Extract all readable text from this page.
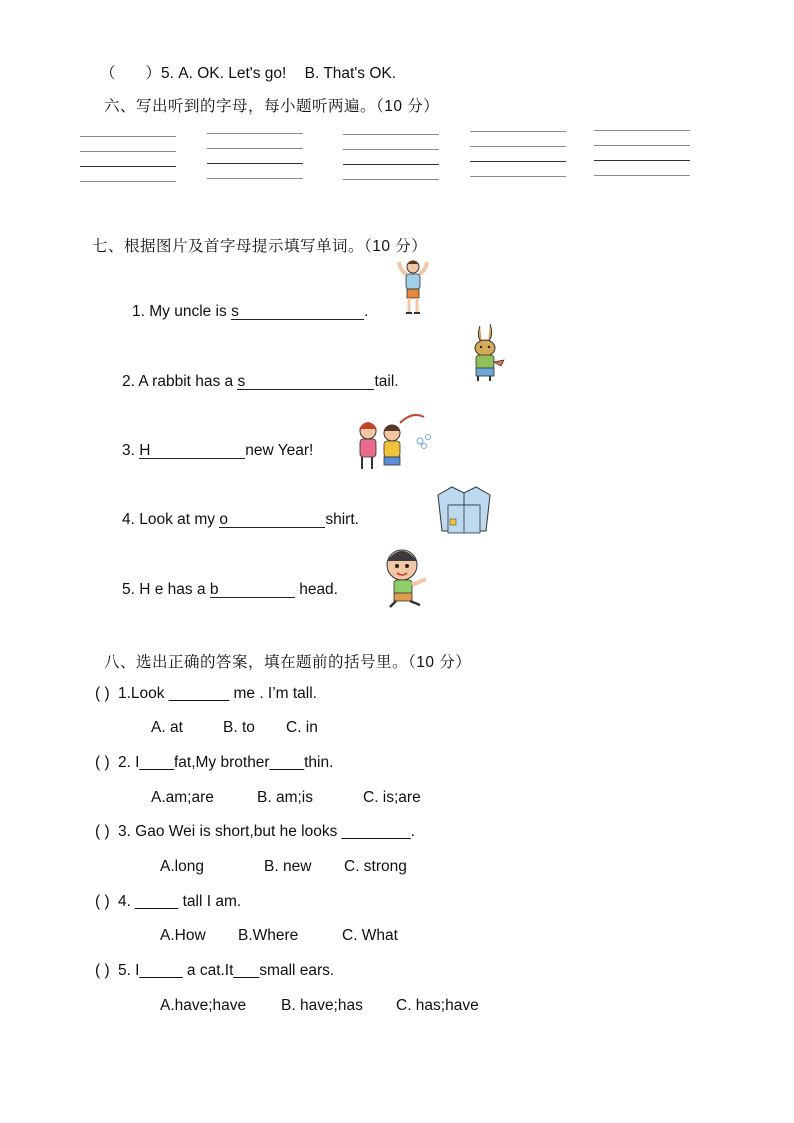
（ ）5. A. OK. Let's go! B. That's OK.
六、写出听到的字母，每小题听两遍。（10 分）
七、根据图片及首字母提示填写单词。（10 分）
1. My uncle is s	.
2. A rabbit has a s	tail.
3. H	new Year!
4. Look at my o	shirt.
5. H e has a b	head.
八、选出正确的答案，填在题前的括号里。（10 分）
( ) 1.Look _______ me . I’m tall.
A. at	B. to C. in
( ) 2. I____fat,My brother____thin.
A.am;are	B. am;is	C. is;are
( ) 3. Gao Wei is short,but he looks ________.
A.long	B. new C. strong
( ) 4. _____ tall I am.
A.How B.Where	C. What
( ) 5. I_____ a cat.It___small ears.
A.have;have B. have;has C. has;have
